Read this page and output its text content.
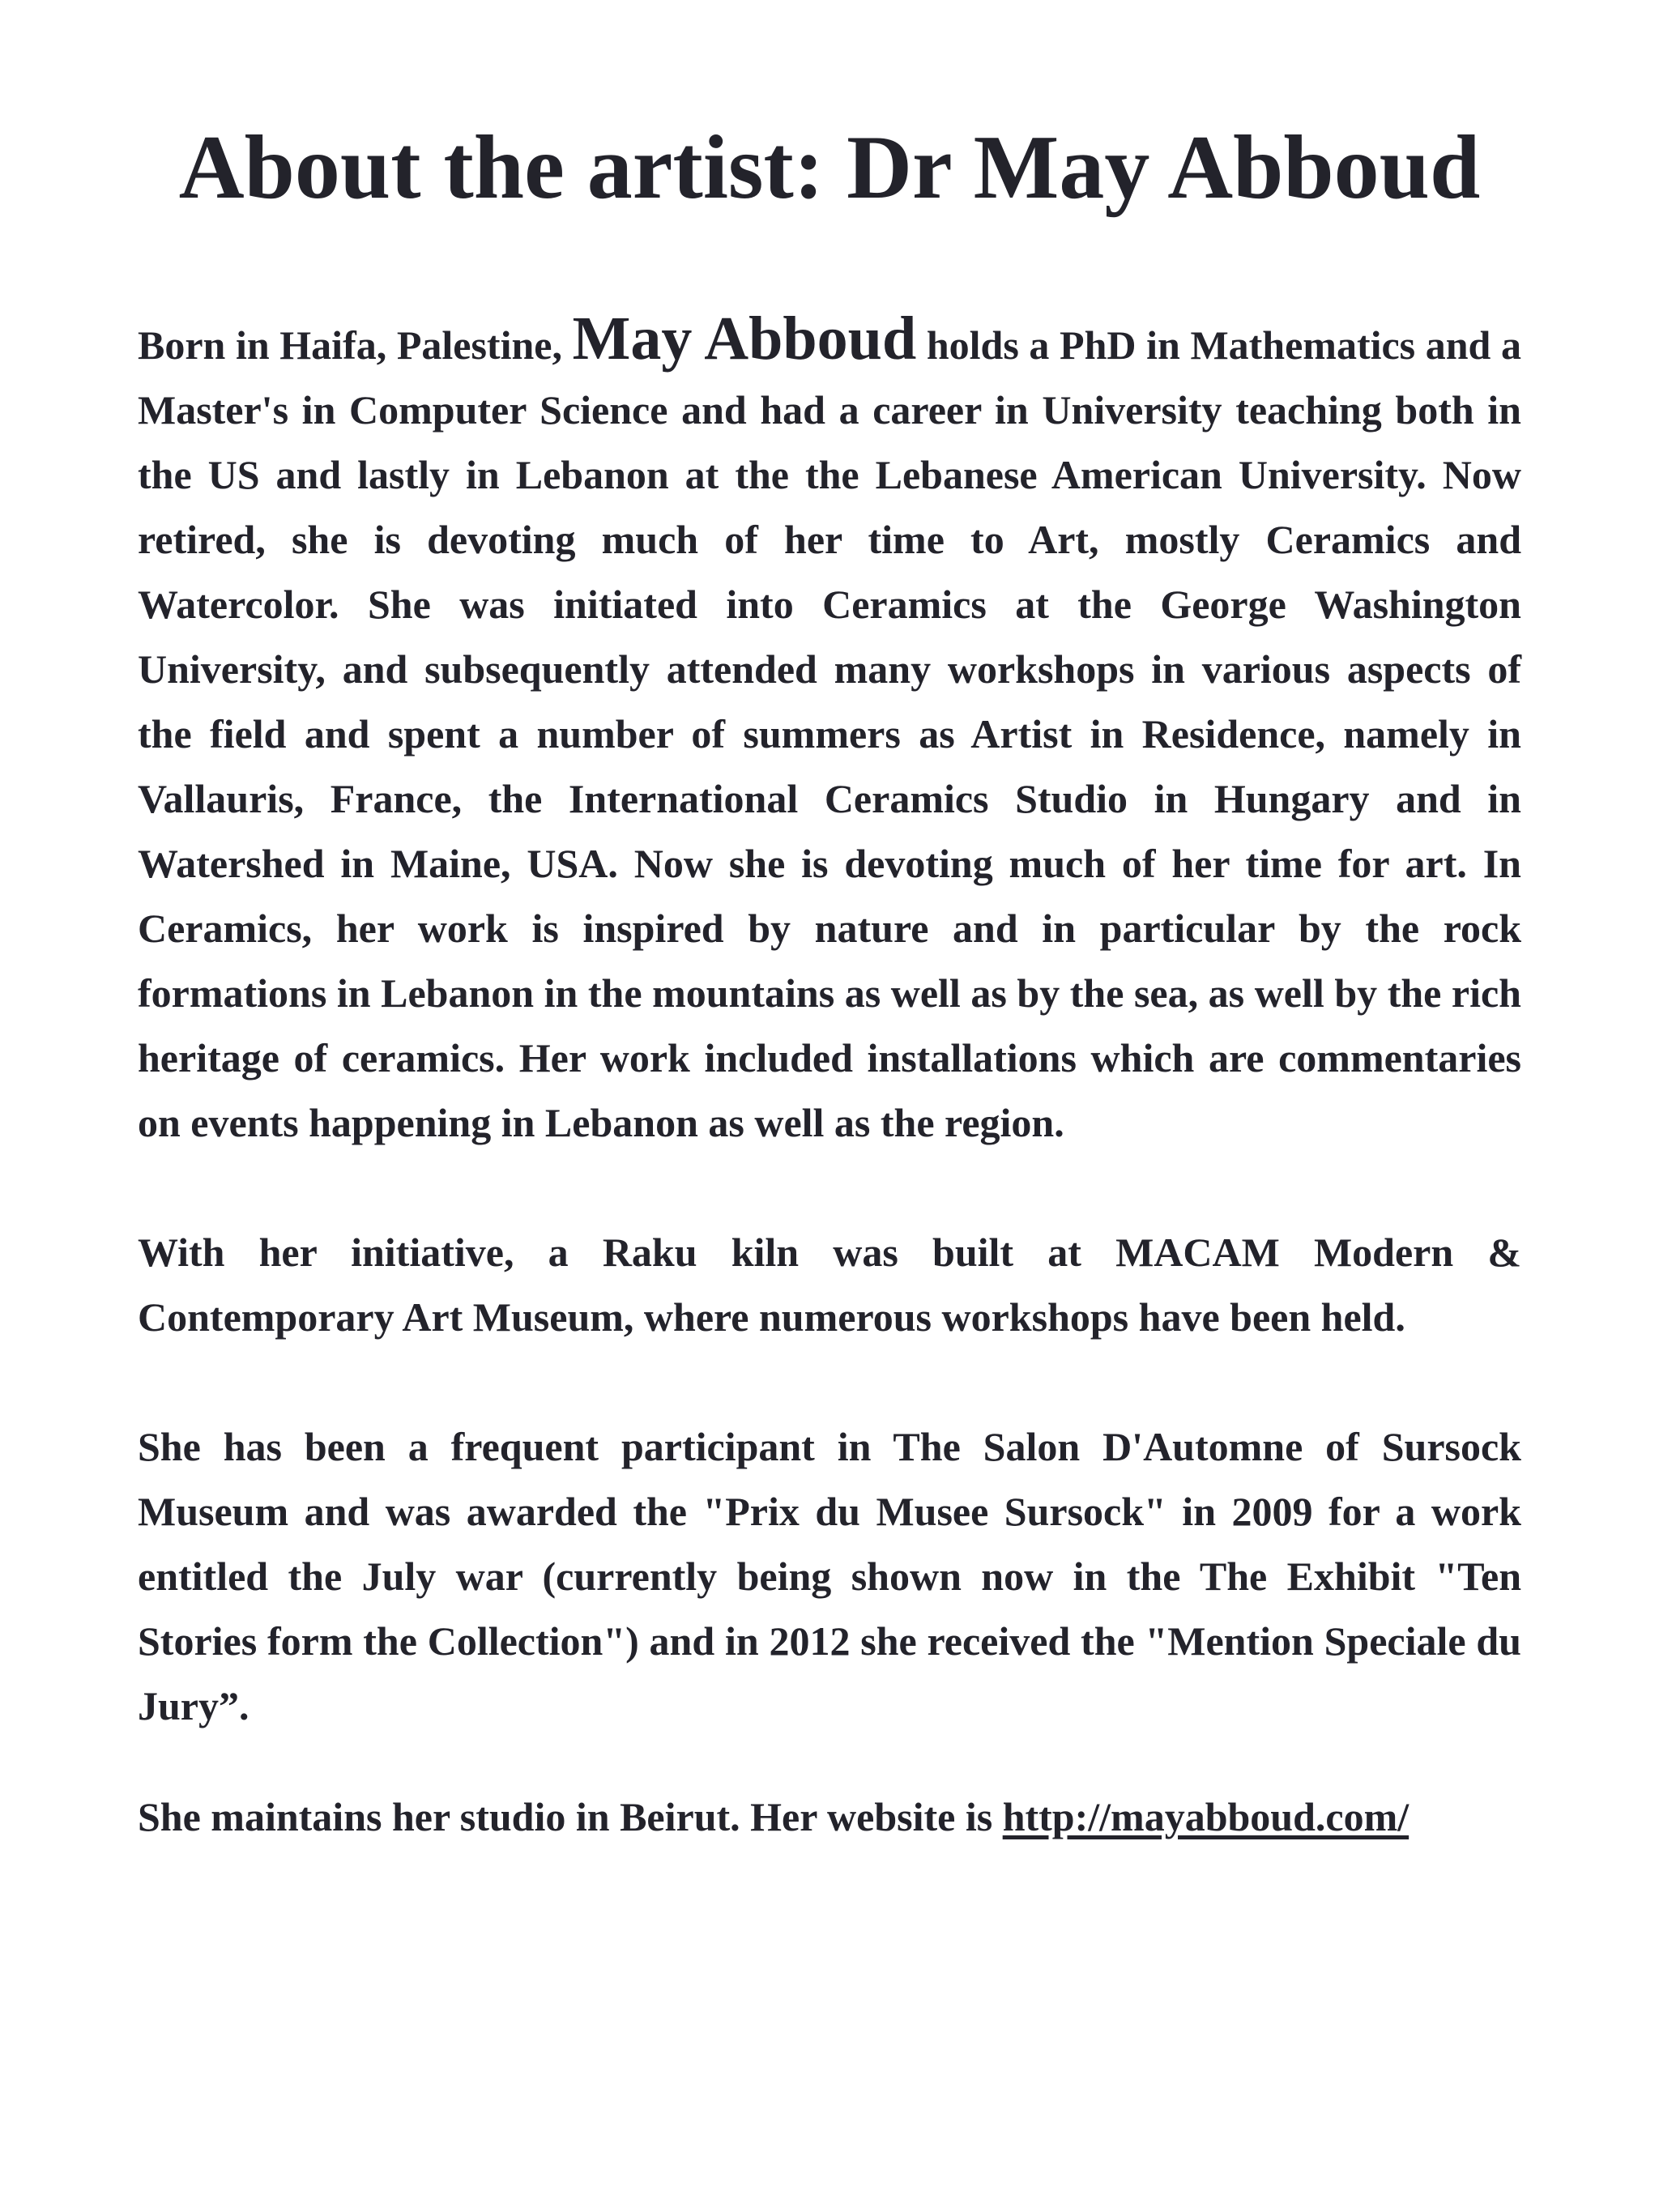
About the artist: Dr May Abboud

Born in Haifa, Palestine, May Abboud holds a PhD in Mathematics and a Master's in Computer Science and had a career in University teaching both in the US and lastly in Lebanon at the the Lebanese American University. Now retired, she is devoting much of her time to Art, mostly Ceramics and Watercolor. She was initiated into Ceramics at the George Washington University, and subsequently attended many workshops in various aspects of the field and spent a number of summers as Artist in Residence, namely in Vallauris, France, the International Ceramics Studio in Hungary and in Watershed in Maine, USA. Now she is devoting much of her time for art. In Ceramics, her work is inspired by nature and in particular by the rock formations in Lebanon in the mountains as well as by the sea, as well by the rich heritage of ceramics. Her work included installations which are commentaries on events happening in Lebanon as well as the region.

With her initiative, a Raku kiln was built at MACAM Modern & Contemporary Art Museum, where numerous workshops have been held.

She has been a frequent participant in The Salon D'Automne of Sursock Museum and was awarded the "Prix du Musee Sursock" in 2009 for a work entitled the July war (currently being shown now in the The Exhibit "Ten Stories form the Collection") and in 2012 she received the "Mention Speciale du Jury”.

She maintains her studio in Beirut. Her website is http://mayabboud.com/
